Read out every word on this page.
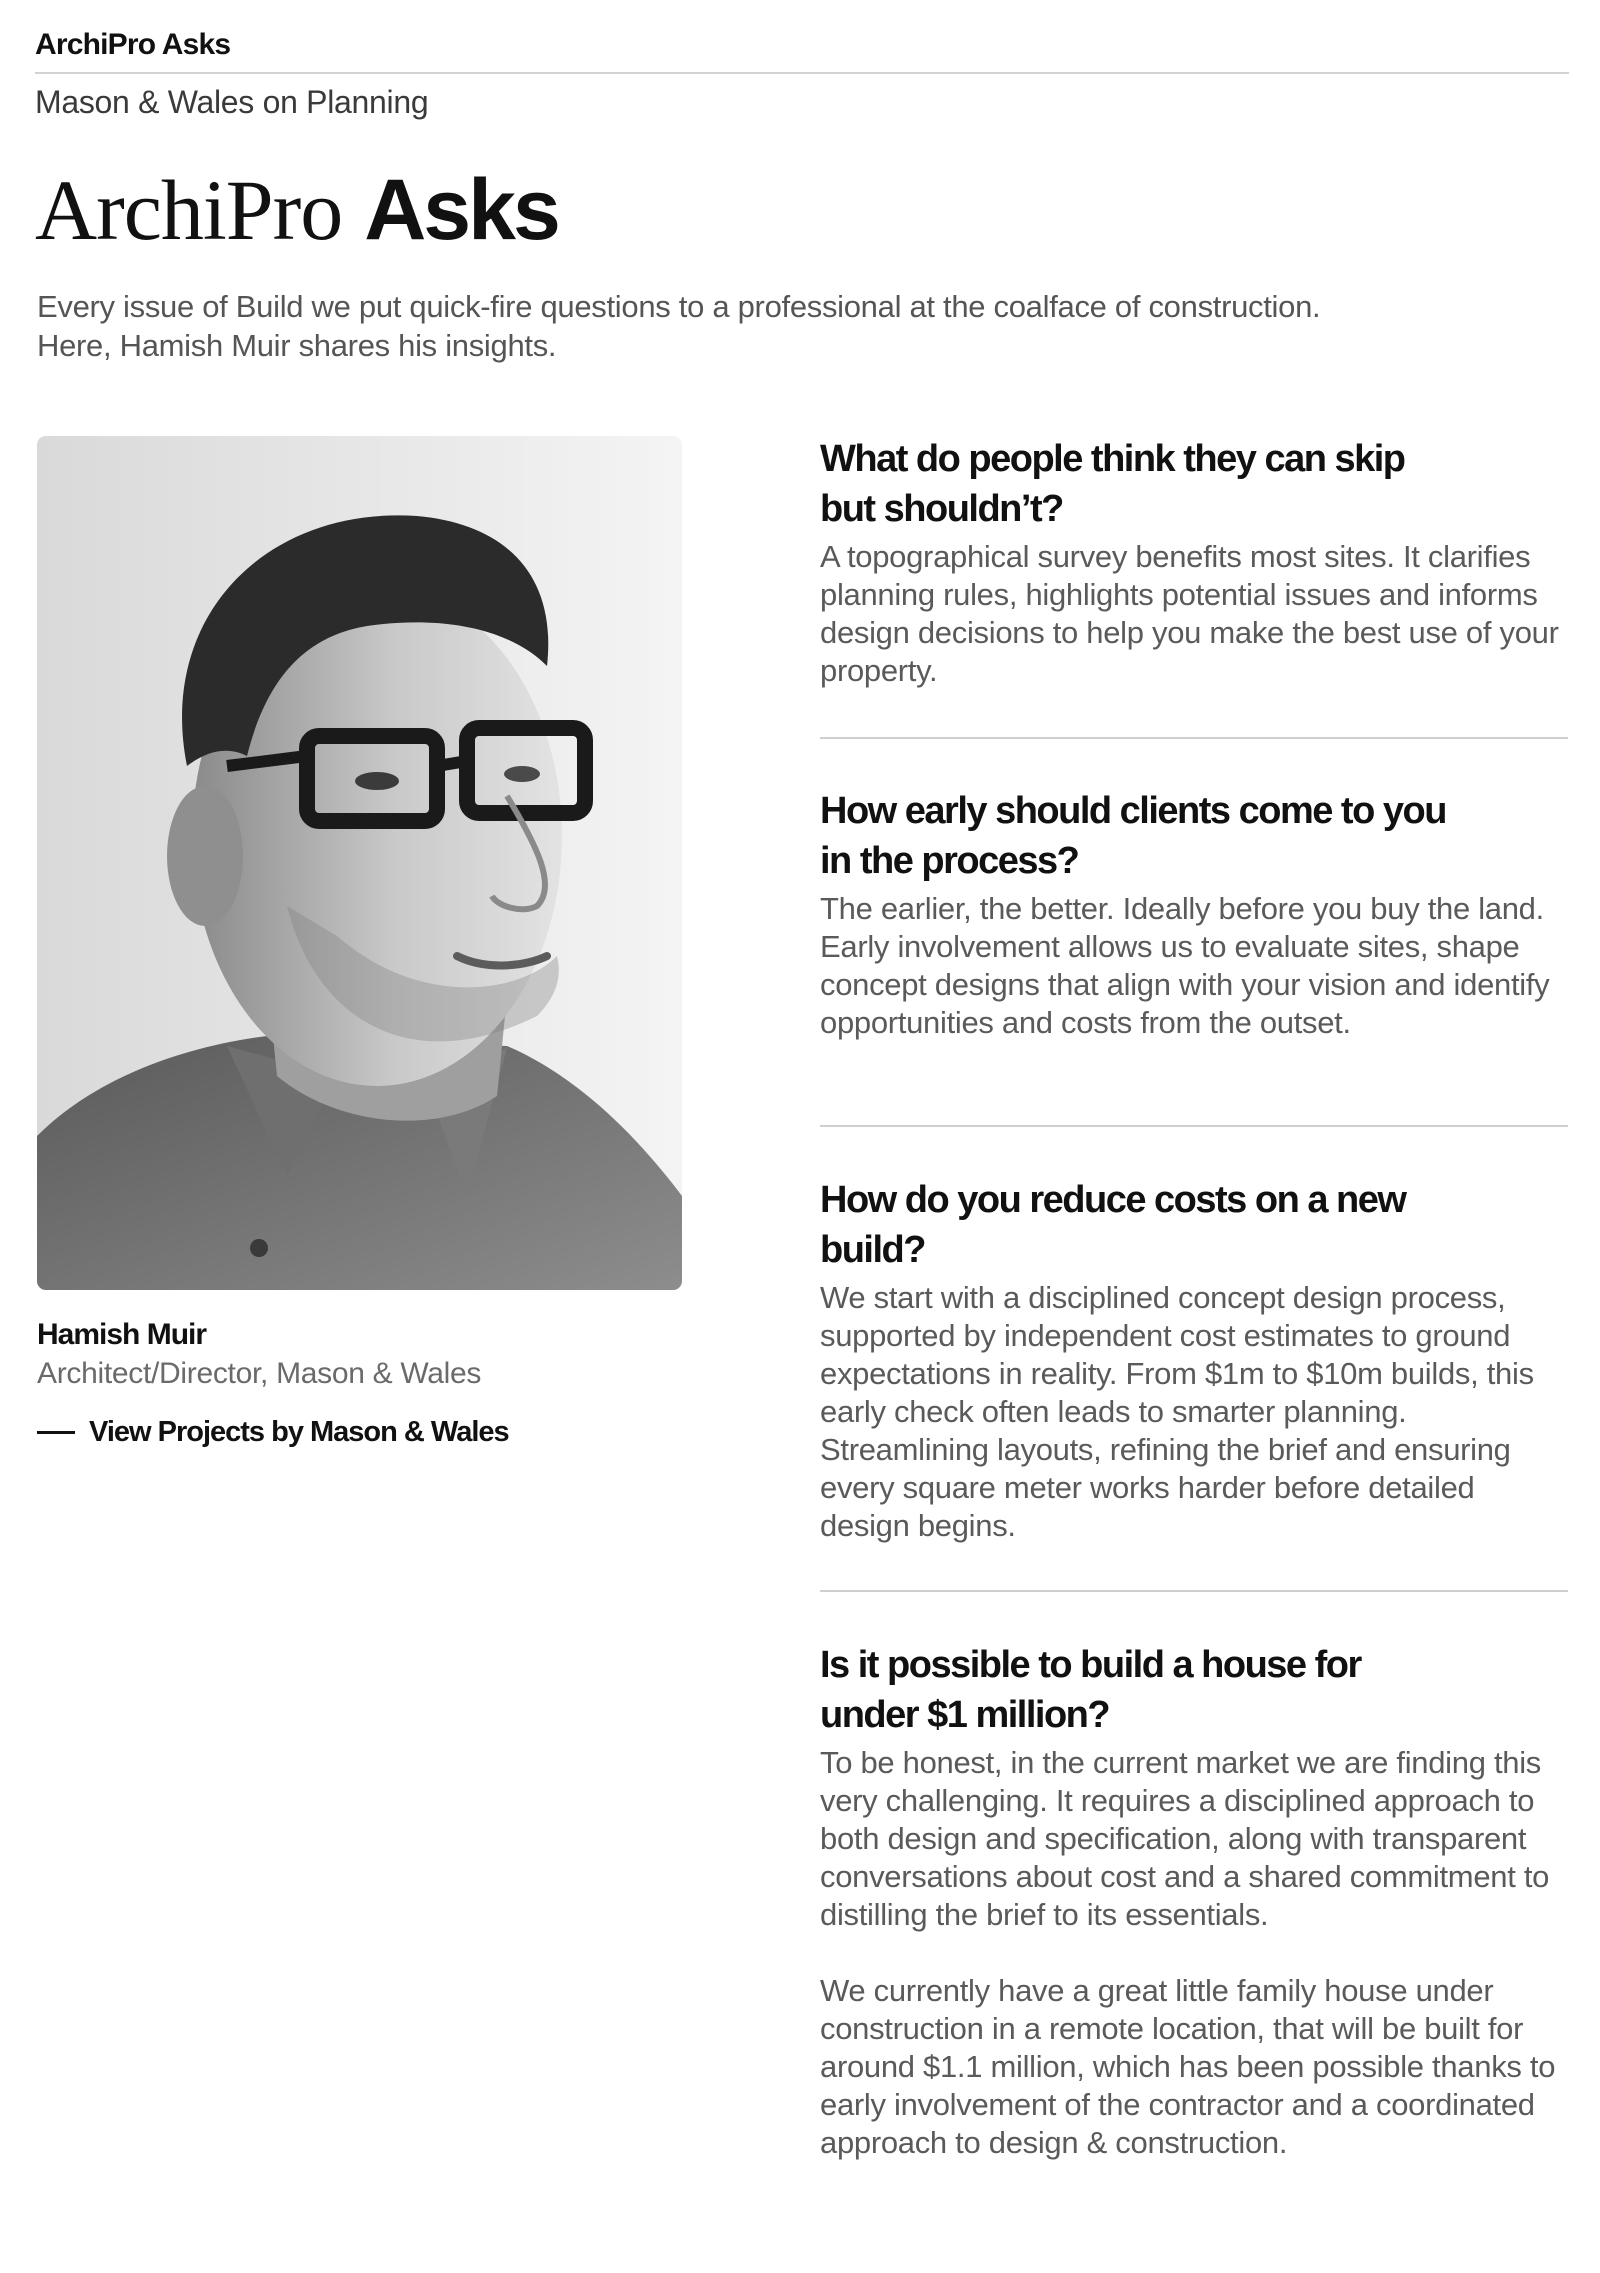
ArchiPro Asks
Mason & Wales on Planning
ArchiPro Asks
Every issue of Build we put quick-fire questions to a professional at the coalface of construction.
Here, Hamish Muir shares his insights.
Hamish Muir
Architect/Director, Mason & Wales
View Projects by Mason & Wales
What do people think they can skip but shouldn’t?
A topographical survey benefits most sites. It clarifies planning rules, highlights potential issues and informs design decisions to help you make the best use of your property.
How early should clients come to you in the process?
The earlier, the better. Ideally before you buy the land. Early involvement allows us to evaluate sites, shape concept designs that align with your vision and identify opportunities and costs from the outset.
How do you reduce costs on a new build?
We start with a disciplined concept design process, supported by independent cost estimates to ground expectations in reality. From $1m to $10m builds, this early check often leads to smarter planning. Streamlining layouts, refining the brief and ensuring every square meter works harder before detailed design begins.
Is it possible to build a house for under $1 million?
To be honest, in the current market we are finding this very challenging. It requires a disciplined approach to both design and specification, along with transparent conversations about cost and a shared commitment to distilling the brief to its essentials.
We currently have a great little family house under construction in a remote location, that will be built for around $1.1 million, which has been possible thanks to early involvement of the contractor and a coordinated approach to design & construction.
